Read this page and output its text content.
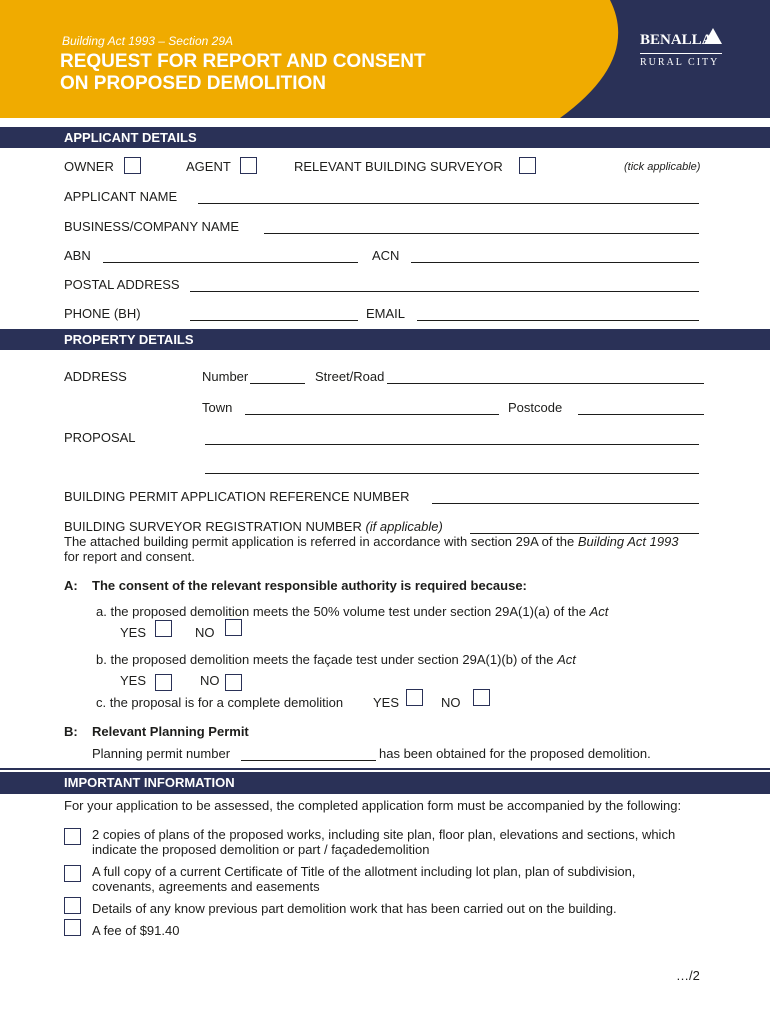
Building Act 1993 – Section 29A
REQUEST FOR REPORT AND CONSENT
ON PROPOSED DEMOLITION
BENALLA
RURAL CITY
APPLICANT DETAILS
OWNER	AGENT	RELEVANT BUILDING SURVEYOR	(tick applicable)
APPLICANT NAME
BUSINESS/COMPANY NAME
ABN	ACN
POSTAL ADDRESS
PHONE (BH)	EMAIL
PROPERTY DETAILS
ADDRESS	Number	Street/Road
Town	Postcode
PROPOSAL
BUILDING PERMIT APPLICATION REFERENCE NUMBER
BUILDING SURVEYOR REGISTRATION NUMBER (if applicable)
The attached building permit application is referred in accordance with section 29A of the Building Act 1993
for report and consent.
A: The consent of the relevant responsible authority is required because:
a. the proposed demolition meets the 50% volume test under section 29A(1)(a) of the Act
YES	NO
b. the proposed demolition meets the façade test under section 29A(1)(b) of the Act
YES	NO
c. the proposal is for a complete demolition YES	NO
B: Relevant Planning Permit
Planning permit number	has been obtained for the proposed demolition.
IMPORTANT INFORMATION
For your application to be assessed, the completed application form must be accompanied by the following:
2 copies of plans of the proposed works, including site plan, floor plan, elevations and sections, which
indicate the proposed demolition or part / façadedemolition
A full copy of a current Certificate of Title of the allotment including lot plan, plan of subdivision,
covenants, agreements and easements
Details of any know previous part demolition work that has been carried out on the building.
A fee of $91.40
…/2
